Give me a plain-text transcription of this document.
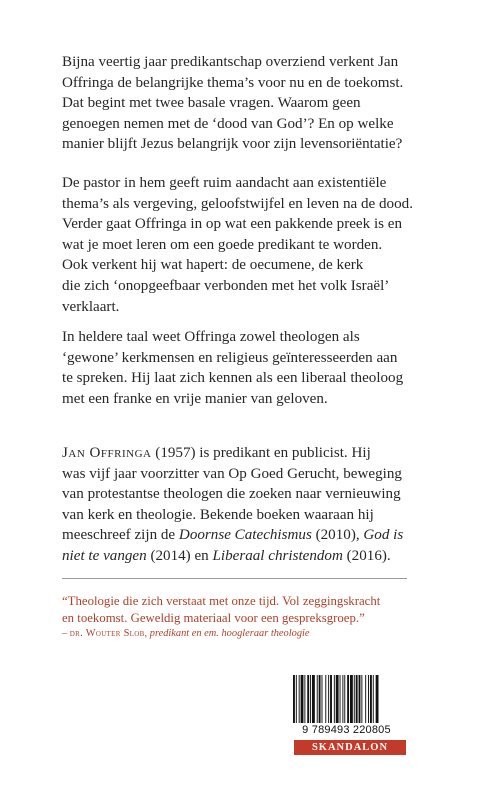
Bijna veertig jaar predikantschap overziend verkent Jan
Offringa de belangrijke thema’s voor nu en de toekomst.
Dat begint met twee basale vragen. Waarom geen
genoegen nemen met de ‘dood van God’? En op welke
manier blijft Jezus belangrijk voor zijn levensoriëntatie?
De pastor in hem geeft ruim aandacht aan existentiële
thema’s als vergeving, geloofstwijfel en leven na de dood.
Verder gaat Offringa in op wat een pakkende preek is en
wat je moet leren om een goede predikant te worden.
Ook verkent hij wat hapert: de oecumene, de kerk
die zich ‘onopgeefbaar verbonden met het volk Israël’
verklaart.
In heldere taal weet Offringa zowel theologen als
‘gewone’ kerkmensen en religieus geïnteresseerden aan
te spreken. Hij laat zich kennen als een liberaal theoloog
met een franke en vrije manier van geloven.
Jan Offringa (1957) is predikant en publicist. Hij
was vijf jaar voorzitter van Op Goed Gerucht, beweging
van protestantse theologen die zoeken naar vernieuwing
van kerk en theologie. Bekende boeken waaraan hij
meeschreef zijn de Doornse Catechismus (2010), God is
niet te vangen (2014) en Liberaal christendom (2016).
“Theologie die zich verstaat met onze tijd. Vol zeggingskracht
en toekomst. Geweldig materiaal voor een gespreksgroep.”
– dr. Wouter Slob, predikant en em. hoogleraar theologie
9 789493 220805
SKANDALON
